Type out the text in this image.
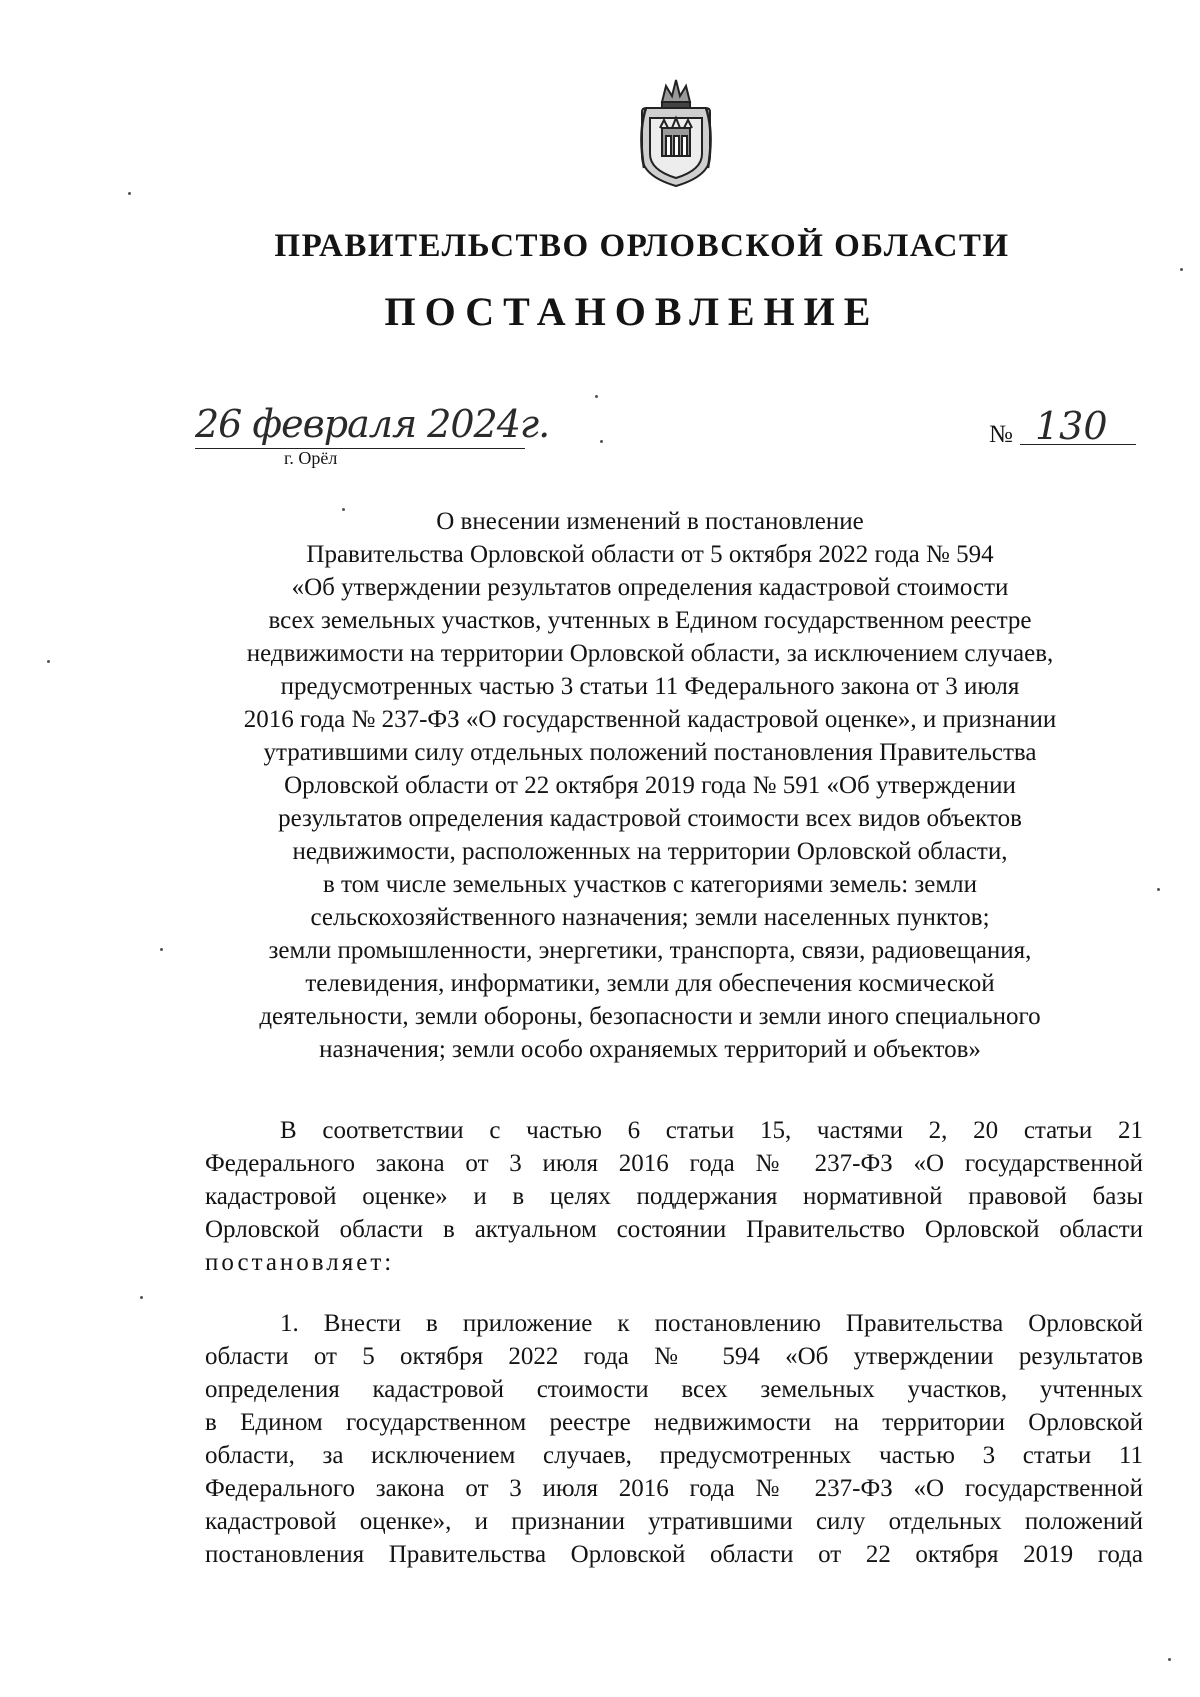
ПРАВИТЕЛЬСТВО ОРЛОВСКОЙ ОБЛАСТИ
ПОСТАНОВЛЕНИЕ
26 февраля 2024г.
г. Орёл
№ 130
О внесении изменений в постановление
Правительства Орловской области от 5 октября 2022 года № 594
«Об утверждении результатов определения кадастровой стоимости
всех земельных участков, учтенных в Едином государственном реестре
недвижимости на территории Орловской области, за исключением случаев,
предусмотренных частью 3 статьи 11 Федерального закона от 3 июля
2016 года № 237-ФЗ «О государственной кадастровой оценке», и признании
утратившими силу отдельных положений постановления Правительства
Орловской области от 22 октября 2019 года № 591 «Об утверждении
результатов определения кадастровой стоимости всех видов объектов
недвижимости, расположенных на территории Орловской области,
в том числе земельных участков с категориями земель: земли
сельскохозяйственного назначения; земли населенных пунктов;
земли промышленности, энергетики, транспорта, связи, радиовещания,
телевидения, информатики, земли для обеспечения космической
деятельности, земли обороны, безопасности и земли иного специального
назначения; земли особо охраняемых территорий и объектов»
В соответствии с частью 6 статьи 15, частями 2, 20 статьи 21
Федерального закона от 3 июля 2016 года № 237-ФЗ «О государственной
кадастровой оценке» и в целях поддержания нормативной правовой базы
Орловской области в актуальном состоянии Правительство Орловской области
постановляет:
1. Внести в приложение к постановлению Правительства Орловской
области от 5 октября 2022 года № 594 «Об утверждении результатов
определения кадастровой стоимости всех земельных участков, учтенных
в Едином государственном реестре недвижимости на территории Орловской
области, за исключением случаев, предусмотренных частью 3 статьи 11
Федерального закона от 3 июля 2016 года № 237-ФЗ «О государственной
кадастровой оценке», и признании утратившими силу отдельных положений
постановления Правительства Орловской области от 22 октября 2019 года
